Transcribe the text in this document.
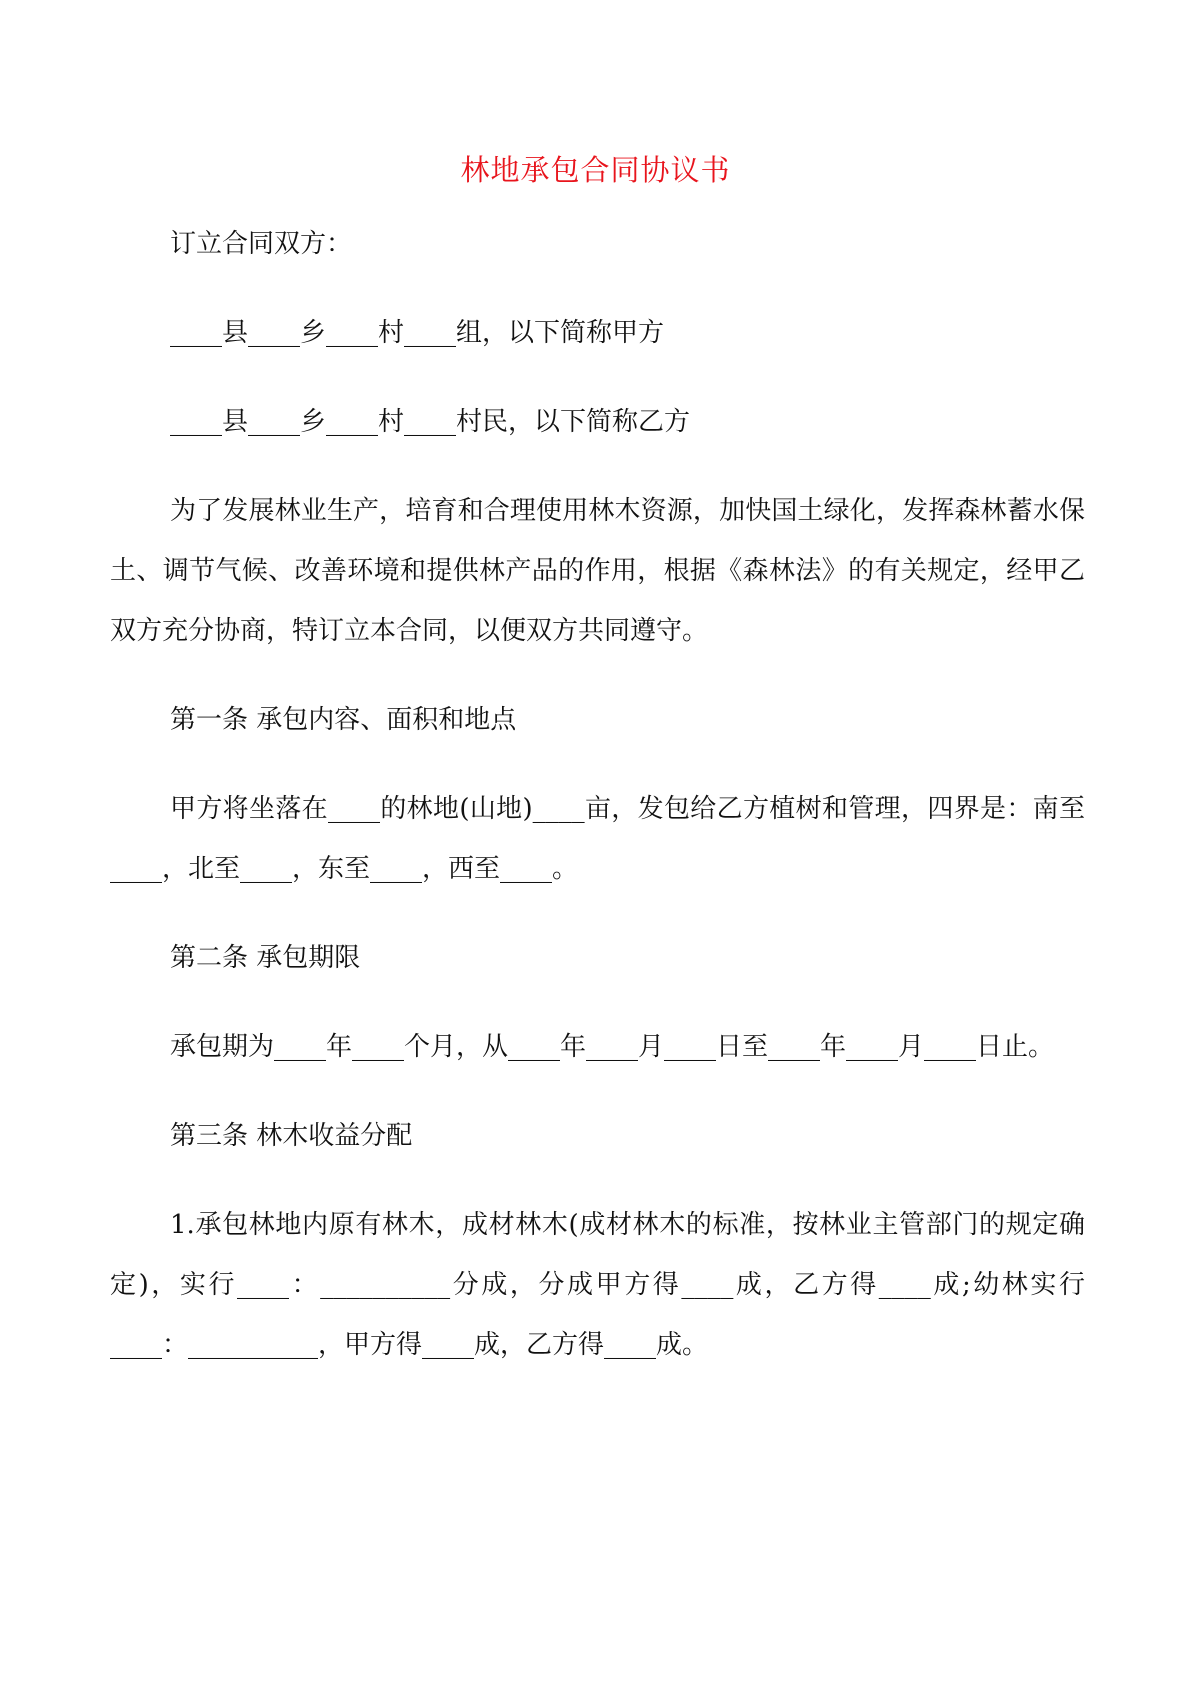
林地承包合同协议书

订立合同双方：

____县____乡____村____组，以下简称甲方

____县____乡____村____村民，以下简称乙方

为了发展林业生产，培育和合理使用林木资源，加快国土绿化，发挥森林蓄水保土、调节气候、改善环境和提供林产品的作用，根据《森林法》的有关规定，经甲乙双方充分协商，特订立本合同，以便双方共同遵守。

第一条 承包内容、面积和地点

甲方将坐落在____的林地(山地)____亩，发包给乙方植树和管理，四界是：南至____，北至____，东至____，西至____。

第二条 承包期限

承包期为____年____个月，从____年____月____日至____年____月____日止。

第三条 林木收益分配

1.承包林地内原有林木，成材林木(成材林木的标准，按林业主管部门的规定确定)，实行____：__________分成，分成甲方得____成，乙方得____成;幼林实行____：__________，甲方得____成，乙方得____成。
